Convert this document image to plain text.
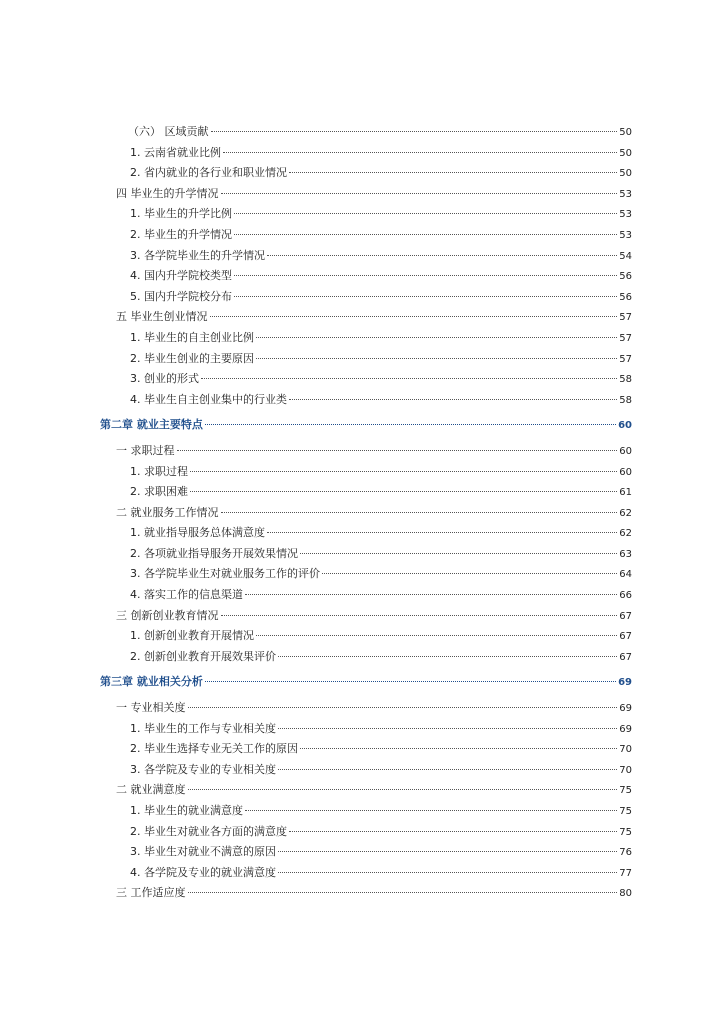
（六） 区域贡献	50
1. 云南省就业比例	50
2. 省内就业的各行业和职业情况	50
四 毕业生的升学情况	53
1. 毕业生的升学比例	53
2. 毕业生的升学情况	53
3. 各学院毕业生的升学情况	54
4. 国内升学院校类型	56
5. 国内升学院校分布	56
五 毕业生创业情况	57
1. 毕业生的自主创业比例	57
2. 毕业生创业的主要原因	57
3. 创业的形式	58
4. 毕业生自主创业集中的行业类	58
第二章 就业主要特点	60
一 求职过程	60
1. 求职过程	60
2. 求职困难	61
二 就业服务工作情况	62
1. 就业指导服务总体满意度	62
2. 各项就业指导服务开展效果情况	63
3. 各学院毕业生对就业服务工作的评价	64
4. 落实工作的信息渠道	66
三 创新创业教育情况	67
1. 创新创业教育开展情况	67
2. 创新创业教育开展效果评价	67
第三章 就业相关分析	69
一 专业相关度	69
1. 毕业生的工作与专业相关度	69
2. 毕业生选择专业无关工作的原因	70
3. 各学院及专业的专业相关度	70
二 就业满意度	75
1. 毕业生的就业满意度	75
2. 毕业生对就业各方面的满意度	75
3. 毕业生对就业不满意的原因	76
4. 各学院及专业的就业满意度	77
三 工作适应度	80
